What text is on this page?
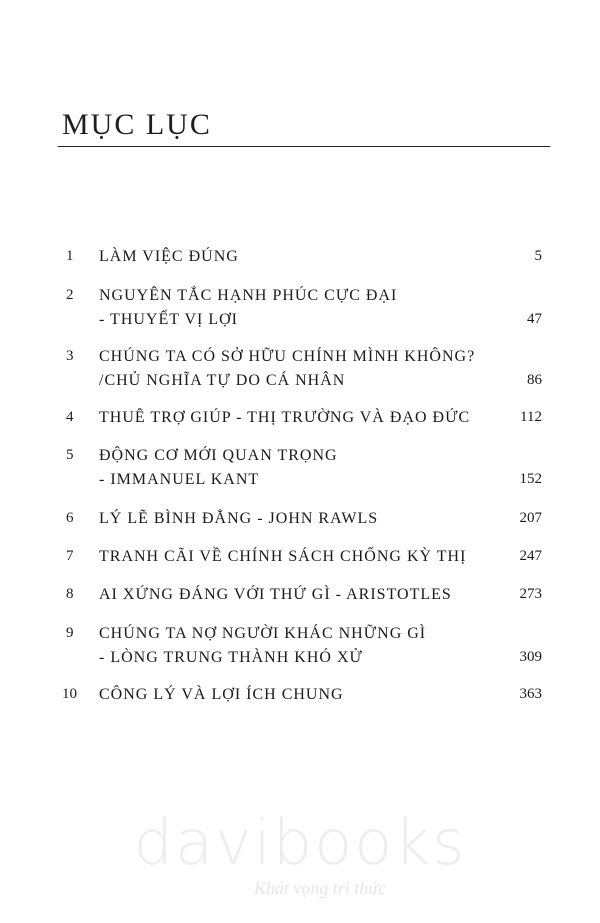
MỤC LỤC
1 LÀM VIỆC ĐÚNG	5
2 NGUYÊN TẮC HẠNH PHÚC CỰC ĐẠI
- THUYẾT VỊ LỢI	47
3 CHÚNG TA CÓ SỞ HỮU CHÍNH MÌNH KHÔNG?
/CHỦ NGHĨA TỰ DO CÁ NHÂN	86
4 THUÊ TRỢ GIÚP - THỊ TRƯỜNG VÀ ĐẠO ĐỨC	112
5 ĐỘNG CƠ MỚI QUAN TRỌNG
- IMMANUEL KANT	152
6 LÝ LẼ BÌNH ĐẲNG - JOHN RAWLS	207
7 TRANH CÃI VỀ CHÍNH SÁCH CHỐNG KỲ THỊ	247
8 AI XỨNG ĐÁNG VỚI THỨ GÌ - ARISTOTLES	273
9 CHÚNG TA NỢ NGƯỜI KHÁC NHỮNG GÌ
- LÒNG TRUNG THÀNH KHÓ XỬ	309
10 CÔNG LÝ VÀ LỢI ÍCH CHUNG	363
davibooks
Khát vọng tri thức
